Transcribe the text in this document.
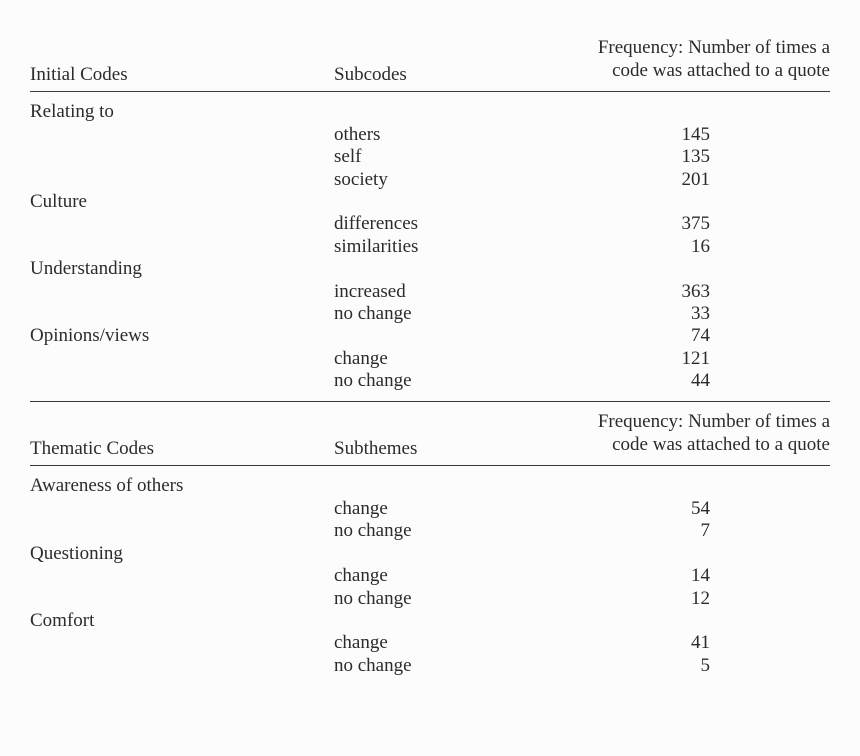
Initial Codes	Subcodes
Frequency: Number of times a
code was attached to a quote
Relating to
others	145
self	135
society	201
Culture
differences	375
similarities	16
Understanding
increased	363
no change	33
Opinions/views	74
change	121
no change	44
Thematic Codes	Subthemes
Frequency: Number of times a
code was attached to a quote
Awareness of others
change	54
no change	7
Questioning
change	14
no change	12
Comfort
change	41
no change	5
